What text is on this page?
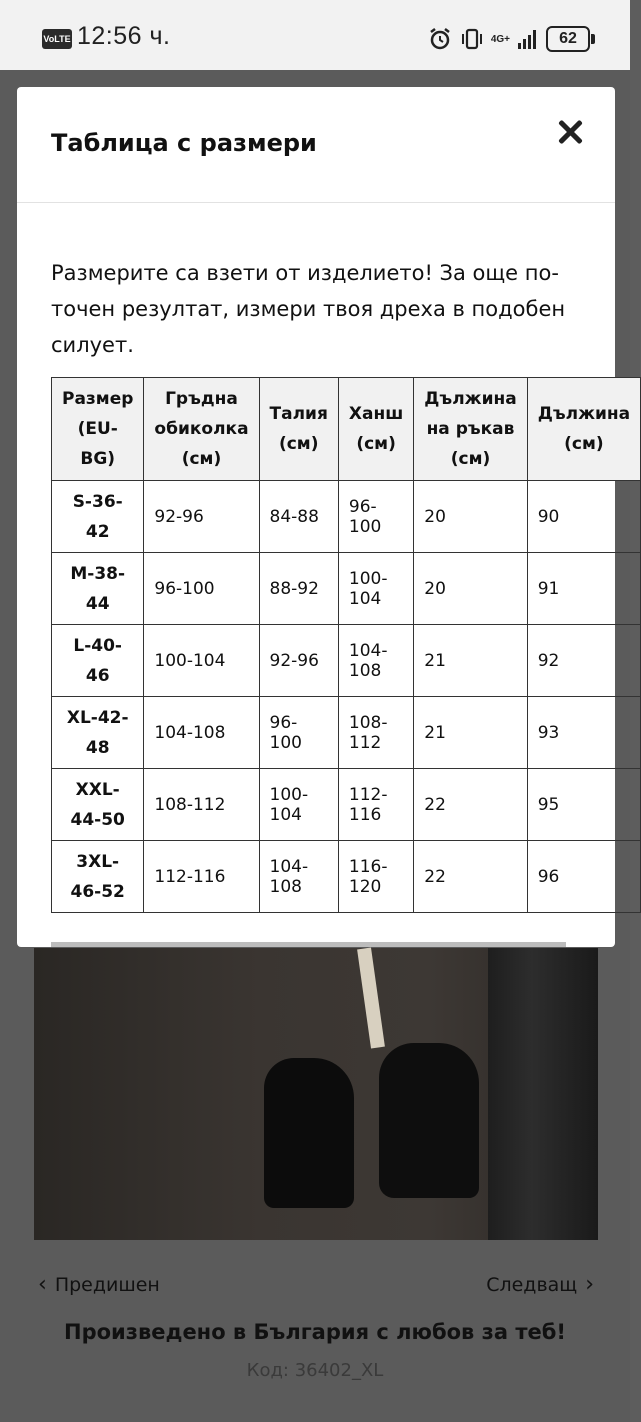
VoLTE 12:56 ч.	4G+	62
‹ Предишен	Следващ ›
Произведено в България с любов за теб!
Код: 36402_XL
Таблица с размери
Размерите са взети от изделието! За още по-точен резултат, измери твоя дреха в подобен силует.
Размер (EU-BG)	Гръдна обиколка (см)	Талия (см)	Ханш (см)	Дължина на ръкав (см)	Дължина (см)
S-36-42	92-96	84-88	96-100	20	90
M-38-44	96-100	88-92	100-104	20	91
L-40-46	100-104	92-96	104-108	21	92
XL-42-48	104-108	96-100	108-112	21	93
XXL-44-50	108-112	100-104	112-116	22	95
3XL-46-52	112-116	104-108	116-120	22	96
